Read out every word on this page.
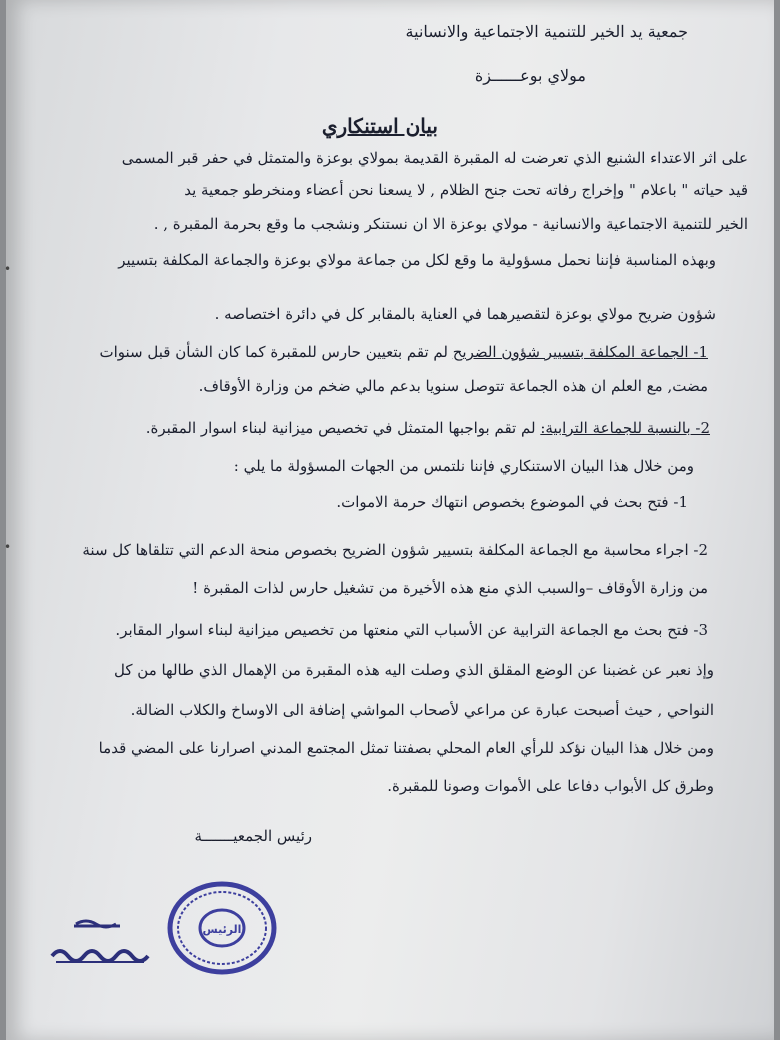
جمعية يد الخير للتنمية الاجتماعية والانسانية
مولاي بوعــــــزة
بيان استنكاري
على اثر الاعتداء الشنيع الذي تعرضت له المقبرة القديمة بمولاي بوعزة والمتمثل في حفر قبر المسمى
قيد حياته " باعلام " وإخراج رفاته تحت جنح الظلام , لا يسعنا نحن أعضاء ومنخرطو جمعية يد
الخير للتنمية الاجتماعية والانسانية - مولاي بوعزة الا ان نستنكر ونشجب ما وقع بحرمة المقبرة , .
وبهذه المناسبة فإننا نحمل مسؤولية ما وقع لكل من جماعة مولاي بوعزة والجماعة المكلفة بتسيير
شؤون ضريح مولاي بوعزة لتقصيرهما في العناية بالمقابر كل في دائرة اختصاصه .
1- الجماعة المكلفة بتسيير شؤون الضريح لم تقم بتعيين حارس للمقبرة كما كان الشأن قبل سنوات
مضت, مع العلم ان هذه الجماعة تتوصل سنويا بدعم مالي ضخم من وزارة الأوقاف.
2- بالنسبة للجماعة الترابية: لم تقم بواجبها المتمثل في تخصيص ميزانية لبناء اسوار المقبرة.
ومن خلال هذا البيان الاستنكاري فإننا نلتمس من الجهات المسؤولة ما يلي :
1- فتح بحث في الموضوع بخصوص انتهاك حرمة الاموات.
2- اجراء محاسبة مع الجماعة المكلفة بتسيير شؤون الضريح بخصوص منحة الدعم التي تتلقاها كل سنة
من وزارة الأوقاف –والسبب الذي منع هذه الأخيرة من تشغيل حارس لذات المقبرة !
3- فتح بحث مع الجماعة الترابية عن الأسباب التي منعتها من تخصيص ميزانية لبناء اسوار المقابر.
وإذ نعبر عن غضبنا عن الوضع المقلق الذي وصلت اليه هذه المقبرة من الإهمال الذي طالها من كل
النواحي , حيث أصبحت عبارة عن مراعي لأصحاب المواشي إضافة الى الاوساخ والكلاب الضالة.
ومن خلال هذا البيان نؤكد للرأي العام المحلي بصفتنا تمثل المجتمع المدني اصرارنا على المضي قدما
وطرق كل الأبواب دفاعا على الأموات وصونا للمقبرة.
رئيس الجمعيـــــــة
الرئيس
•
•
